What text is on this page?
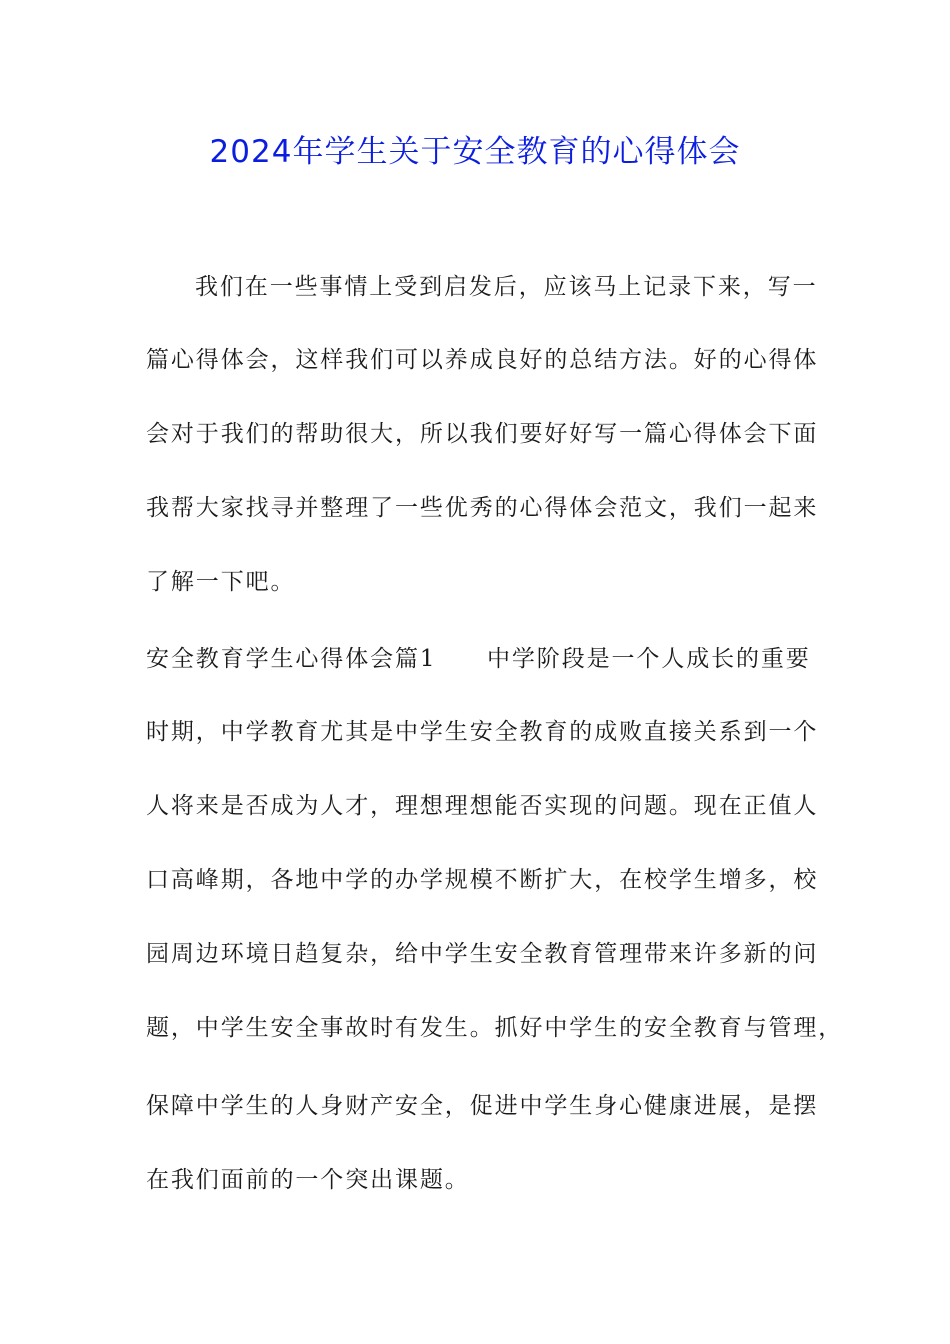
2024年学生关于安全教育的心得体会
我们在一些事情上受到启发后，应该马上记录下来，写一
篇心得体会，这样我们可以养成良好的总结方法。好的心得体
会对于我们的帮助很大，所以我们要好好写一篇心得体会下面
我帮大家找寻并整理了一些优秀的心得体会范文，我们一起来
了解一下吧。
安全教育学生心得体会篇1 中学阶段是一个人成长的重要
时期，中学教育尤其是中学生安全教育的成败直接关系到一个
人将来是否成为人才，理想理想能否实现的问题。现在正值人
口高峰期，各地中学的办学规模不断扩大，在校学生增多，校
园周边环境日趋复杂，给中学生安全教育管理带来许多新的问
题，中学生安全事故时有发生。抓好中学生的安全教育与管理，
保障中学生的人身财产安全，促进中学生身心健康进展，是摆
在我们面前的一个突出课题。
